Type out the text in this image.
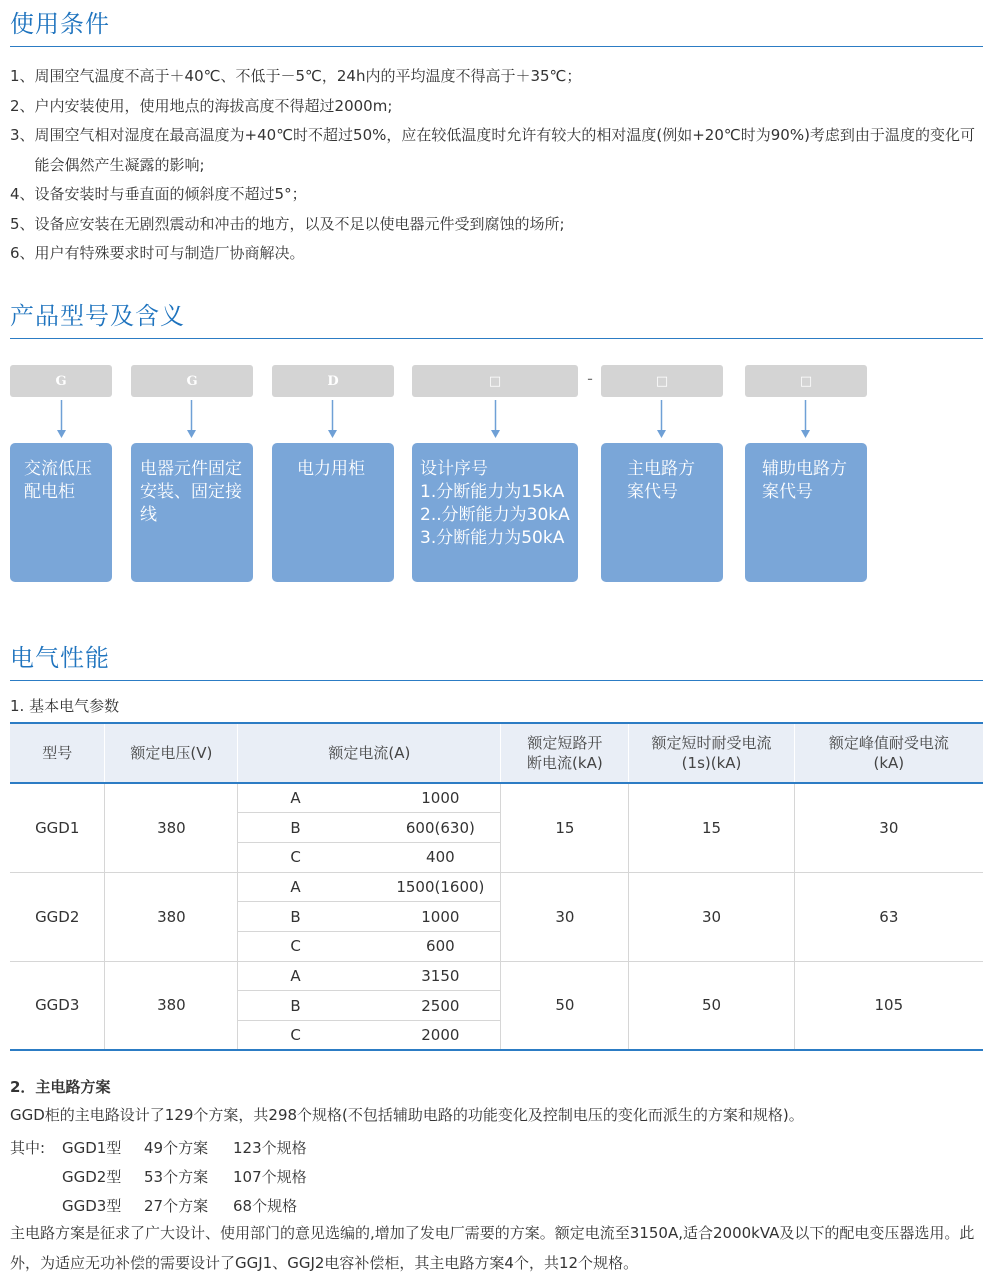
使用条件
1、 周围空气温度不高于＋40℃、不低于－5℃，24h内的平均温度不得高于＋35℃；
2、 户内安装使用，使用地点的海拔高度不得超过2000m;
3、 周围空气相对湿度在最高温度为+40℃时不超过50%，应在较低温度时允许有较大的相对温度(例如+20℃时为90%)考虑到由于温度的变化可能会偶然产生凝露的影响;
4、 设备安装时与垂直面的倾斜度不超过5°；
5、 设备应安装在无剧烈震动和冲击的地方，以及不足以使电器元件受到腐蚀的场所;
6、 用户有特殊要求时可与制造厂协商解决。
产品型号及含义
G	G	D	□	-	□	□
交流低压
配电柜
电器元件固定
安装、固定接
线
电力用柜	设计序号
1.分断能力为15kA
2..分断能力为30kA
3.分断能力为50kA
主电路方
案代号
辅助电路方
案代号
电气性能
1. 基本电气参数
型号	额定电压(V)	额定电流(A)	额定短路开
断电流(kA)	额定短时耐受电流
(1s)(kA)	额定峰值耐受电流
(kA)
GGD1	380	A 1000	15	15	30

		B 600(630)			

		C 400			

GGD2	380	A 1500(1600)	30	30	63

		B 1000			

		C 600			

GGD3	380	A 3150	50	50	105

		B 2500			

		C 2000			
2．主电路方案
GGD柜的主电路设计了129个方案，共298个规格(不包括辅助电路的功能变化及控制电压的变化而派生的方案和规格)。
其中: GGD1型 49个方案 123个规格
GGD2型 53个方案 107个规格
GGD3型 27个方案 68个规格
主电路方案是征求了广大设计、使用部门的意见选编的,增加了发电厂需要的方案。额定电流至3150A,适合2000kVA及以下的配电变压器选用。此外，为适应无功补偿的需要设计了GGJ1、GGJ2电容补偿柜，其主电路方案4个，共12个规格。
